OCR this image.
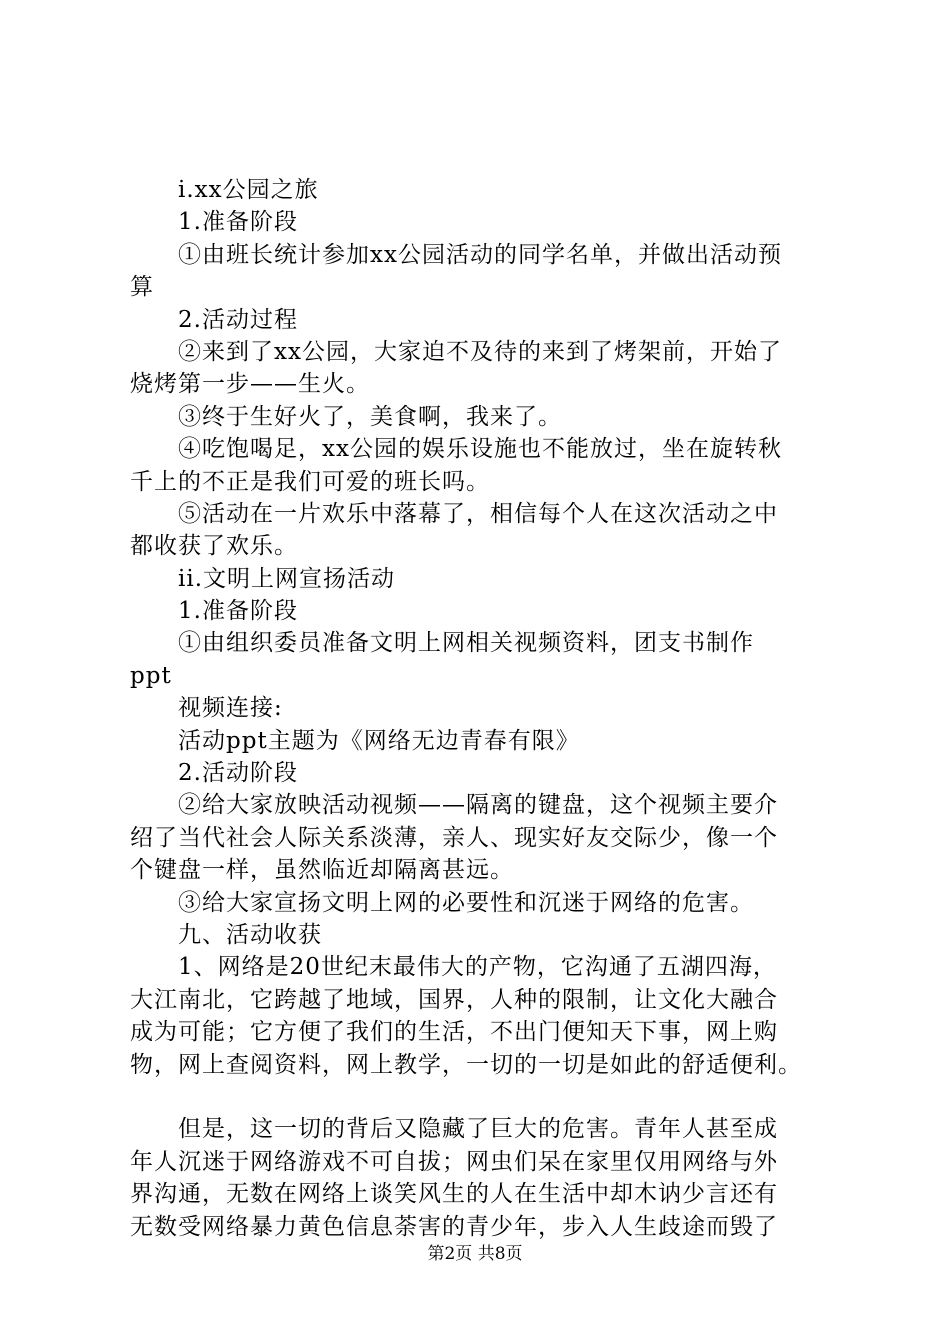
i.xx公园之旅
1.准备阶段
①由班长统计参加xx公园活动的同学名单，并做出活动预
算
2.活动过程
②来到了xx公园，大家迫不及待的来到了烤架前，开始了
烧烤第一步——生火。
③终于生好火了，美食啊，我来了。
④吃饱喝足，xx公园的娱乐设施也不能放过，坐在旋转秋
千上的不正是我们可爱的班长吗。
⑤活动在一片欢乐中落幕了，相信每个人在这次活动之中
都收获了欢乐。
ii.文明上网宣扬活动
1.准备阶段
①由组织委员准备文明上网相关视频资料，团支书制作
ppt
视频连接:
活动ppt主题为《网络无边青春有限》
2.活动阶段
②给大家放映活动视频——隔离的键盘，这个视频主要介
绍了当代社会人际关系淡薄，亲人、现实好友交际少，像一个
个键盘一样，虽然临近却隔离甚远。
③给大家宣扬文明上网的必要性和沉迷于网络的危害。
九、活动收获
1、网络是20世纪末最伟大的产物，它沟通了五湖四海，
大江南北，它跨越了地域，国界，人种的限制，让文化大融合
成为可能；它方便了我们的生活，不出门便知天下事，网上购
物，网上查阅资料，网上教学，一切的一切是如此的舒适便利。
但是，这一切的背后又隐藏了巨大的危害。青年人甚至成
年人沉迷于网络游戏不可自拔；网虫们呆在家里仅用网络与外
界沟通，无数在网络上谈笑风生的人在生活中却木讷少言还有
无数受网络暴力黄色信息荼害的青少年，步入人生歧途而毁了
第2页 共8页
